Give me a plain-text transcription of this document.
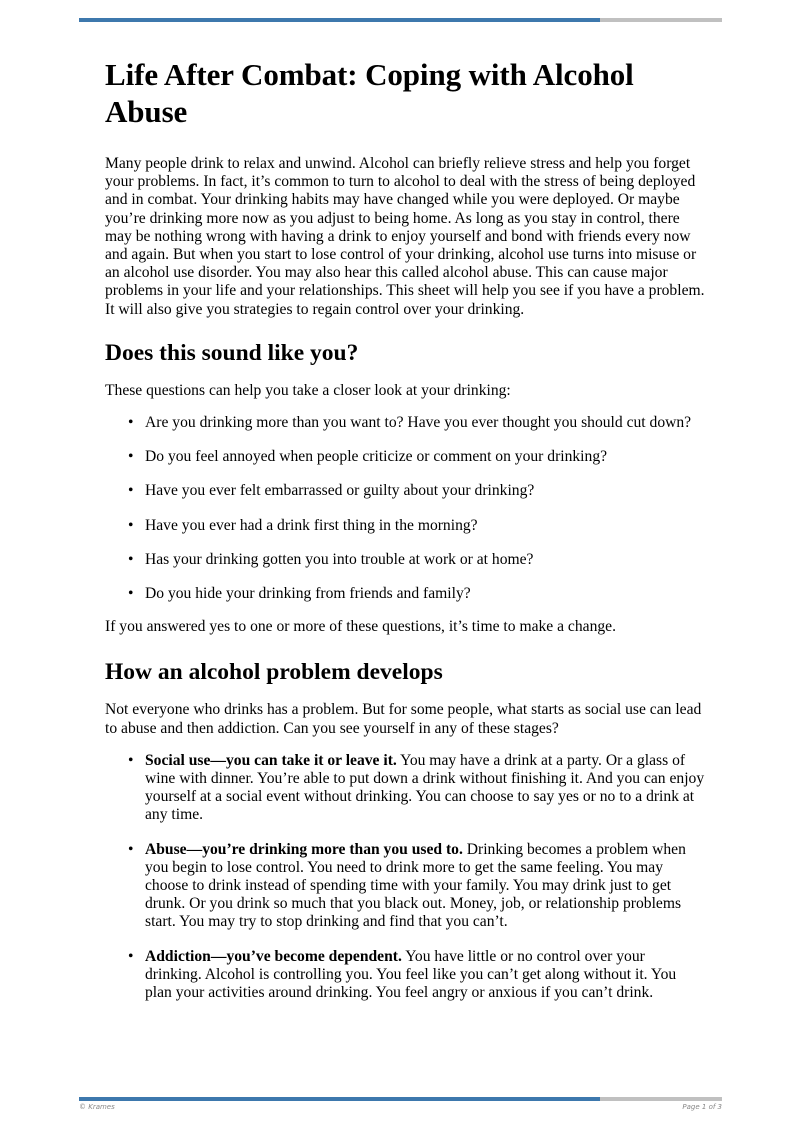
Life After Combat: Coping with Alcohol Abuse

Many people drink to relax and unwind. Alcohol can briefly relieve stress and help you forget your problems. In fact, it’s common to turn to alcohol to deal with the stress of being deployed and in combat. Your drinking habits may have changed while you were deployed. Or maybe you’re drinking more now as you adjust to being home. As long as you stay in control, there may be nothing wrong with having a drink to enjoy yourself and bond with friends every now and again. But when you start to lose control of your drinking, alcohol use turns into misuse or an alcohol use disorder. You may also hear this called alcohol abuse. This can cause major problems in your life and your relationships. This sheet will help you see if you have a problem. It will also give you strategies to regain control over your drinking.

Does this sound like you?

These questions can help you take a closer look at your drinking:

• Are you drinking more than you want to? Have you ever thought you should cut down?
• Do you feel annoyed when people criticize or comment on your drinking?
• Have you ever felt embarrassed or guilty about your drinking?
• Have you ever had a drink first thing in the morning?
• Has your drinking gotten you into trouble at work or at home?
• Do you hide your drinking from friends and family?

If you answered yes to one or more of these questions, it’s time to make a change.

How an alcohol problem develops

Not everyone who drinks has a problem. But for some people, what starts as social use can lead to abuse and then addiction. Can you see yourself in any of these stages?

• Social use—you can take it or leave it. You may have a drink at a party. Or a glass of wine with dinner. You’re able to put down a drink without finishing it. And you can enjoy yourself at a social event without drinking. You can choose to say yes or no to a drink at any time.
• Abuse—you’re drinking more than you used to. Drinking becomes a problem when you begin to lose control. You need to drink more to get the same feeling. You may choose to drink instead of spending time with your family. You may drink just to get drunk. Or you drink so much that you black out. Money, job, or relationship problems start. You may try to stop drinking and find that you can’t.
• Addiction—you’ve become dependent. You have little or no control over your drinking. Alcohol is controlling you. You feel like you can’t get along without it. You plan your activities around drinking. You feel angry or anxious if you can’t drink.
© Krames	Page 1 of 3
